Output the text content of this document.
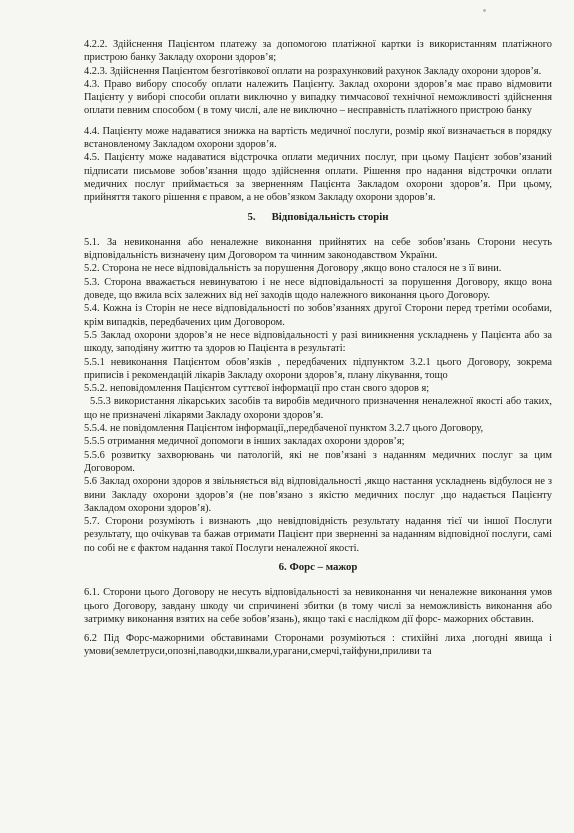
4.2.2. Здійснення Пацієнтом платежу за допомогою платіжної картки із використанням платіжного пристрою банку Закладу охорони здоров’я;

4.2.3. Здійснення Пацієнтом безготівкової оплати на розрахунковий рахунок Закладу охорони здоров’я.

4.3. Право вибору способу оплати належить Пацієнту. Заклад охорони здоров’я має право відмовити Пацієнту у виборі способи оплати виключно у випадку тимчасової технічної неможливості здійснення оплати певним способом ( в тому числі, але не виключно – несправність платіжного пристрою банку

4.4. Пацієнту може надаватися знижка на вартість медичної послуги, розмір якої визначається в порядку встановленому Закладом охорони здоров’я.

4.5. Пацієнту може надаватися відстрочка оплати медичних послуг, при цьому Пацієнт зобов’язаний підписати письмове зобов’язання щодо здійснення оплати. Рішення про надання відстрочки оплати медичних послуг приймається за зверненням Пацієнта Закладом охорони здоров’я. При цьому, прийняття такого рішення є правом, а не обов’язком Закладу охорони здоров’я.

5. Відповідальність сторін

5.1. За невиконання або неналежне виконання прийнятих на себе зобов’язань Сторони несуть відповідальність визначену цим Договором та чинним законодавством України.

5.2. Сторона не несе відповідальність за порушення Договору ,якщо воно сталося не з її вини.

5.3. Сторона вважається невинуватою і не несе відповідальності за порушення Договору, якщо вона доведе, що вжила всіх залежних від неї заходів щодо належного виконання цього Договору.

5.4. Кожна із Сторін не несе відповідальності по зобов’язаннях другої Сторони перед третіми особами, крім випадків, передбачених цим Договором.

5.5 Заклад охорони здоров’я не несе відповідальності у разі виникнення ускладнень у Пацієнта або за шкоду, заподіяну життю та здоров ю Пацієнта в результаті:

5.5.1 невиконання Пацієнтом обов’язків , передбачених підпунктом 3.2.1 цього Договору, зокрема приписів і рекомендацій лікарів Закладу охорони здоров’я, плану лікування, тощо

5.5.2. неповідомлення Пацієнтом суттєвої інформації про стан свого здоров я;

5.5.3 використання лікарських засобів та виробів медичного призначення неналежної якості або таких, що не призначені лікарями Закладу охорони здоров’я.

5.5.4. не повідомлення Пацієнтом інформації,,передбаченої пунктом 3.2.7 цього Договору,

5.5.5 отримання медичної допомоги в інших закладах охорони здоров’я;

5.5.6 розвитку захворювань чи патологій, які не пов’язані з наданням медичних послуг за цим Договором.

5.6 Заклад охорони здоров я звільняється від відповідальності ,якщо настання ускладнень відбулося не з вини Закладу охорони здоров’я (не пов’язано з якістю медичних послуг ,що надається Пацієнту Закладом охорони здоров’я).

5.7. Сторони розуміють і визнають ,що невідповідність результату надання тієї чи іншої Послуги результату, що очікував та бажав отримати Пацієнт при зверненні за наданням відповідної послуги, самі по собі не є фактом надання такої Послуги неналежної якості.

6. Форс – мажор

6.1. Сторони цього Договору не несуть відповідальності за невиконання чи неналежне виконання умов цього Договору, завдану шкоду чи спричинені збитки (в тому числі за неможливість виконання або затримку виконання взятих на себе зобов’язань), якщо такі є наслідком дії форс- мажорних обставин.

6.2 Під Форс-мажорними обставинами Сторонами розуміються : стихійні лиха ,погодні явища і умови(землетруси,опозні,паводки,шквали,урагани,смерчі,тайфуни,приливи та
